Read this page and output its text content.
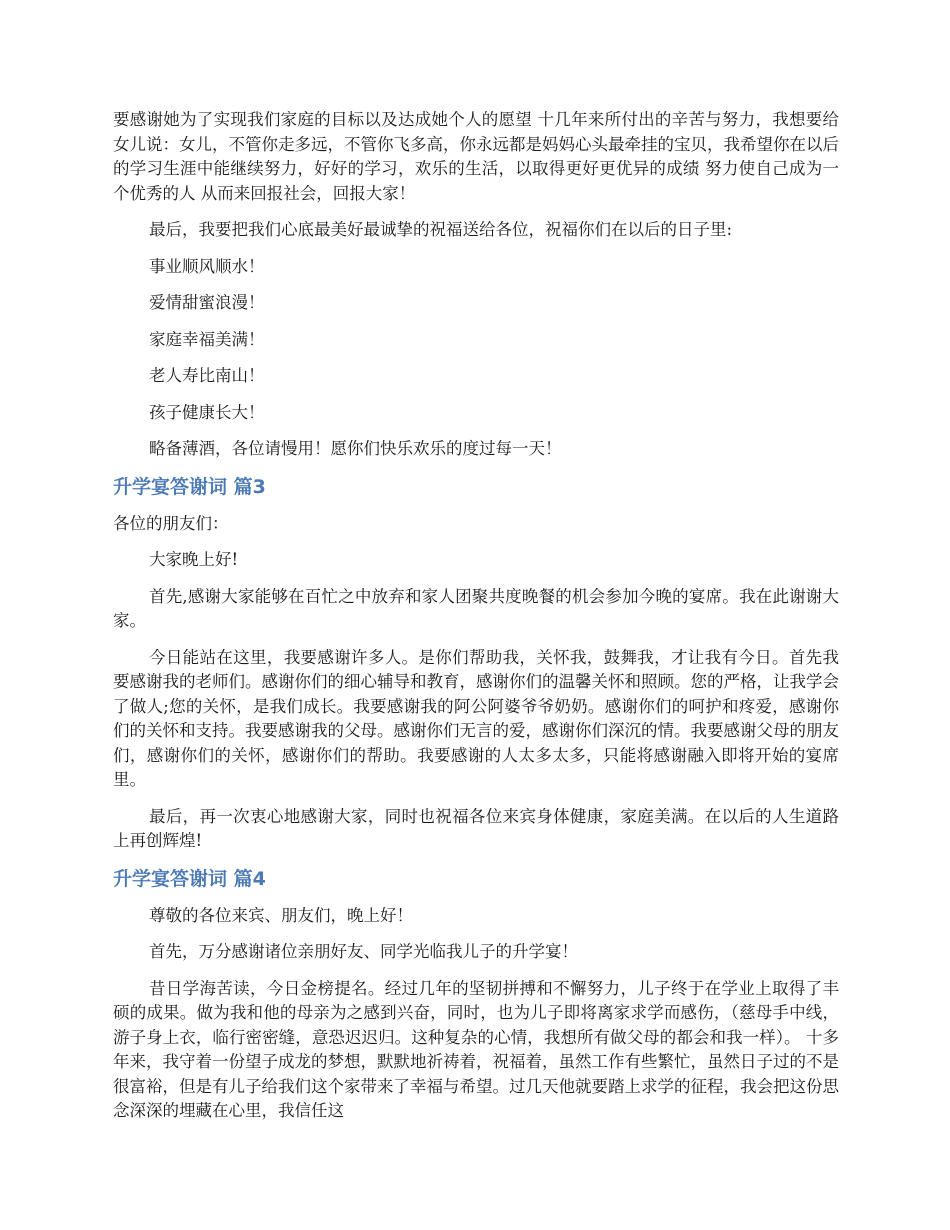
要感谢她为了实现我们家庭的目标以及达成她个人的愿望 十几年来所付出的辛苦与努力，我想要给女儿说：女儿，不管你走多远，不管你飞多高，你永远都是妈妈心头最牵挂的宝贝，我希望你在以后的学习生涯中能继续努力，好好的学习，欢乐的生活，以取得更好更优异的成绩 努力使自己成为一个优秀的人 从而来回报社会，回报大家！

最后，我要把我们心底最美好最诚挚的祝福送给各位，祝福你们在以后的日子里:

事业顺风顺水！

爱情甜蜜浪漫！

家庭幸福美满！

老人寿比南山！

孩子健康长大！

略备薄酒，各位请慢用！愿你们快乐欢乐的度过每一天！

升学宴答谢词 篇3

各位的朋友们：

大家晚上好!

首先,感谢大家能够在百忙之中放弃和家人团聚共度晚餐的机会参加今晚的宴席。我在此谢谢大家。

今日能站在这里，我要感谢许多人。是你们帮助我，关怀我，鼓舞我，才让我有今日。首先我要感谢我的老师们。感谢你们的细心辅导和教育，感谢你们的温馨关怀和照顾。您的严格，让我学会了做人;您的关怀，是我们成长。我要感谢我的阿公阿婆爷爷奶奶。感谢你们的呵护和疼爱，感谢你们的关怀和支持。我要感谢我的父母。感谢你们无言的爱，感谢你们深沉的情。我要感谢父母的朋友们，感谢你们的关怀，感谢你们的帮助。我要感谢的人太多太多，只能将感谢融入即将开始的宴席里。

最后，再一次衷心地感谢大家，同时也祝福各位来宾身体健康，家庭美满。在以后的人生道路上再创辉煌!

升学宴答谢词 篇4

尊敬的各位来宾、朋友们，晚上好！

首先，万分感谢诸位亲朋好友、同学光临我儿子的升学宴！

昔日学海苦读，今日金榜提名。经过几年的坚韧拼搏和不懈努力，儿子终于在学业上取得了丰硕的成果。做为我和他的母亲为之感到兴奋，同时，也为儿子即将离家求学而感伤，（慈母手中线，游子身上衣，临行密密缝，意恐迟迟归。这种复杂的心情，我想所有做父母的都会和我一样）。 十多年来，我守着一份望子成龙的梦想，默默地祈祷着，祝福着，虽然工作有些繁忙，虽然日子过的不是很富裕，但是有儿子给我们这个家带来了幸福与希望。过几天他就要踏上求学的征程，我会把这份思念深深的埋藏在心里，我信任这
